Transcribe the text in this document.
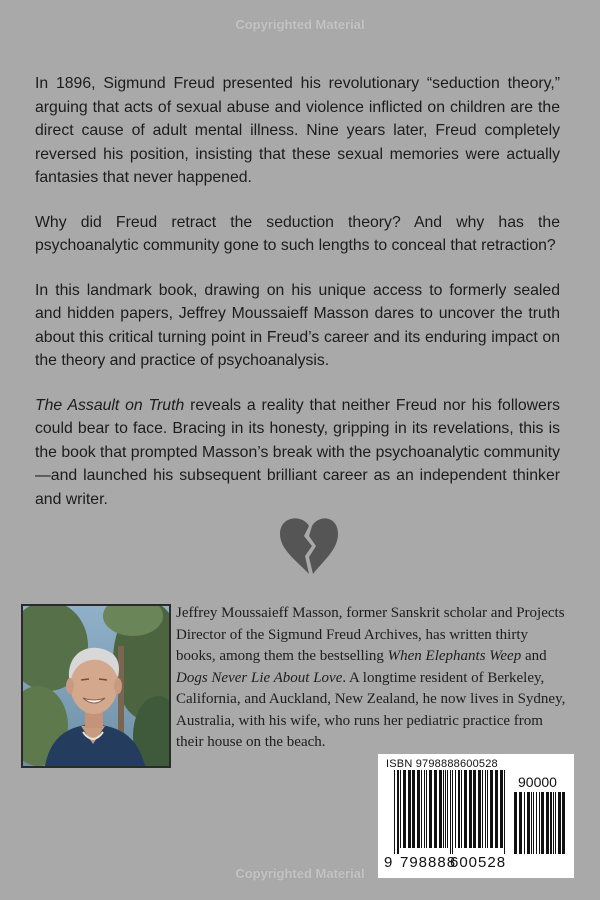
Copyrighted Material

In 1896, Sigmund Freud presented his revolutionary “seduction theory,” arguing that acts of sexual abuse and violence inflicted on children are the direct cause of adult mental illness. Nine years later, Freud completely reversed his position, insisting that these sexual memories were actually fantasies that never happened.

Why did Freud retract the seduction theory? And why has the psychoanalytic community gone to such lengths to conceal that retraction?

In this landmark book, drawing on his unique access to formerly sealed and hidden papers, Jeffrey Moussaieff Masson dares to uncover the truth about this critical turning point in Freud’s career and its enduring impact on the theory and practice of psychoanalysis.

The Assault on Truth reveals a reality that neither Freud nor his followers could bear to face. Bracing in its honesty, gripping in its revelations, this is the book that prompted Masson’s break with the psychoanalytic community—and launched his subsequent brilliant career as an independent thinker and writer.

Jeffrey Moussaieff Masson, former Sanskrit scholar and Projects Director of the Sigmund Freud Archives, has written thirty books, among them the bestselling When Elephants Weep and Dogs Never Lie About Love. A longtime resident of Berkeley, California, and Auckland, New Zealand, he now lives in Sydney, Australia, with his wife, who runs her pediatric practice from their house on the beach.
ISBN 9798888600528
90000
9 798888
600528
Copyrighted Material
